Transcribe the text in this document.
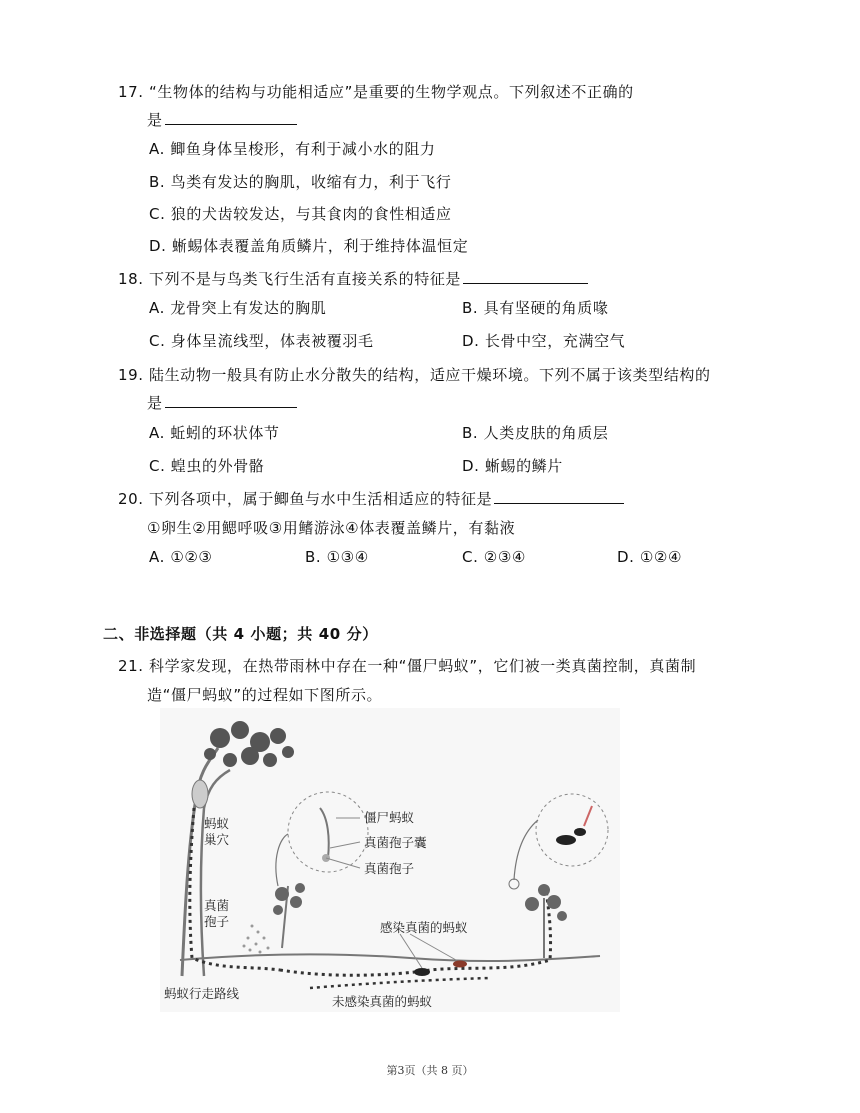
17. “生物体的结构与功能相适应”是重要的生物学观点。下列叙述不正确的
是
A. 鲫鱼身体呈梭形，有利于减小水的阻力
B. 鸟类有发达的胸肌，收缩有力，利于飞行
C. 狼的犬齿较发达，与其食肉的食性相适应
D. 蜥蜴体表覆盖角质鳞片，利于维持体温恒定
18. 下列不是与鸟类飞行生活有直接关系的特征是
A. 龙骨突上有发达的胸肌	B. 具有坚硬的角质喙
C. 身体呈流线型，体表被覆羽毛	D. 长骨中空，充满空气
19. 陆生动物一般具有防止水分散失的结构，适应干燥环境。下列不属于该类型结构的
是
A. 蚯蚓的环状体节	B. 人类皮肤的角质层
C. 蝗虫的外骨骼	D. 蜥蜴的鳞片
20. 下列各项中，属于鲫鱼与水中生活相适应的特征是
①卵生②用鳃呼吸③用鳍游泳④体表覆盖鳞片，有黏液
A. ①②③	B. ①③④	C. ②③④	D. ①②④
二、非选择题（共 4 小题；共 40 分）
21. 科学家发现，在热带雨林中存在一种“僵尸蚂蚁”，它们被一类真菌控制，真菌制
造“僵尸蚂蚁”的过程如下图所示。
蚂蚁
巢穴
僵尸蚂蚁
真菌孢子囊
真菌孢子
真菌
孢子	感染真菌的蚂蚁
蚂蚁行走路线
未感染真菌的蚂蚁
第3页（共 8 页）
